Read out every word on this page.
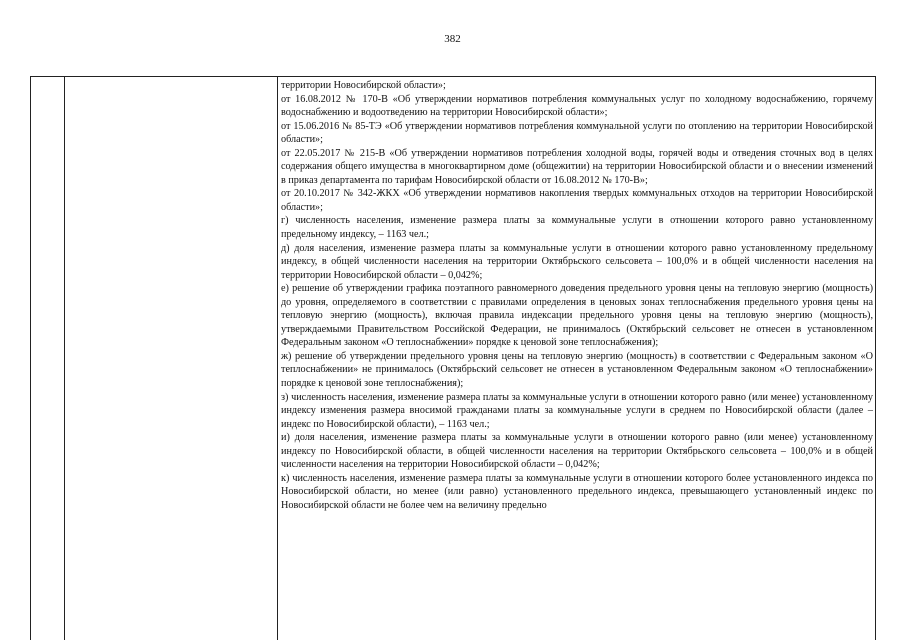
382

территории Новосибирской области»;

от 16.08.2012 № 170-В «Об утверждении нормативов потребления коммунальных услуг по холодному водоснабжению, горячему водоснабжению и водоотведению на территории Новосибирской области»;

от 15.06.2016 № 85-ТЭ «Об утверждении нормативов потребления коммунальной услуги по отоплению на территории Новосибирской области»;

от 22.05.2017 № 215-В «Об утверждении нормативов потребления холодной воды, горячей воды и отведения сточных вод в целях содержания общего имущества в многоквартирном доме (общежитии) на территории Новосибирской области и о внесении изменений в приказ департамента по тарифам Новосибирской области от 16.08.2012 № 170-В»;

от 20.10.2017 № 342-ЖКХ «Об утверждении нормативов накопления твердых коммунальных отходов на территории Новосибирской области»;

г) численность населения, изменение размера платы за коммунальные услуги в отношении которого равно установленному предельному индексу, – 1163 чел.;

д) доля населения, изменение размера платы за коммунальные услуги в отношении которого равно установленному предельному индексу, в общей численности населения на территории Октябрьского сельсовета – 100,0% и в общей численности населения на территории Новосибирской области – 0,042%;

е) решение об утверждении графика поэтапного равномерного доведения предельного уровня цены на тепловую энергию (мощность) до уровня, определяемого в соответствии с правилами определения в ценовых зонах теплоснабжения предельного уровня цены на тепловую энергию (мощность), включая правила индексации предельного уровня цены на тепловую энергию (мощность), утверждаемыми Правительством Российской Федерации, не принималось (Октябрьский сельсовет не отнесен в установленном Федеральным законом «О теплоснабжении» порядке к ценовой зоне теплоснабжения);

ж) решение об утверждении предельного уровня цены на тепловую энергию (мощность) в соответствии с Федеральным законом «О теплоснабжении» не принималось (Октябрьский сельсовет не отнесен в установленном Федеральным законом «О теплоснабжении» порядке к ценовой зоне теплоснабжения);

з) численность населения, изменение размера платы за коммунальные услуги в отношении которого равно (или менее) установленному индексу изменения размера вносимой гражданами платы за коммунальные услуги в среднем по Новосибирской области (далее – индекс по Новосибирской области), – 1163 чел.;

и) доля населения, изменение размера платы за коммунальные услуги в отношении которого равно (или менее) установленному индексу по Новосибирской области, в общей численности населения на территории Октябрьского сельсовета – 100,0% и в общей численности населения на территории Новосибирской области – 0,042%;

к) численность населения, изменение размера платы за коммунальные услуги в отношении которого более установленного индекса по Новосибирской области, но менее (или равно) установленного предельного индекса, превышающего установленный индекс по Новосибирской области не более чем на величину предельно
